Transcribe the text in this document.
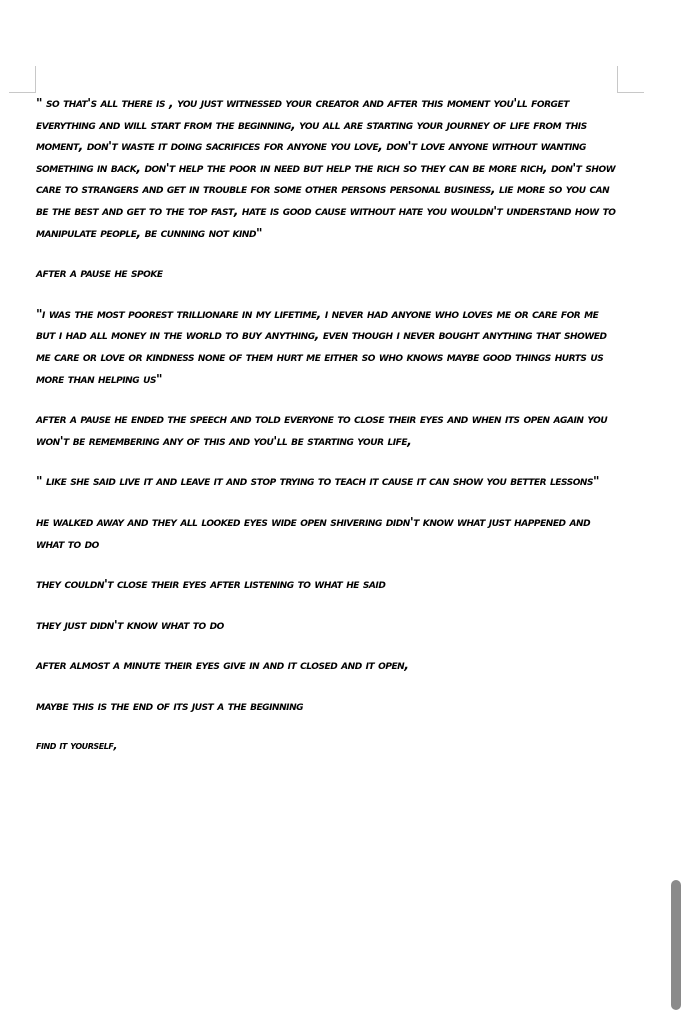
" so that's all there is , you just witnessed your creator and after this moment you'll forget everything and will start from the beginning, you all are starting your journey of life from this moment, don't waste it doing sacrifices for anyone you love, don't love anyone without wanting something in back, don't help the poor in need but help the rich so they can be more rich, don't show care to strangers and get in trouble for some other persons personal business, lie more so you can be the best and get to the top fast, hate is good cause without hate you wouldn't understand how to manipulate people, be cunning not kind"

after a pause he spoke

"i was the most poorest trillionare in my lifetime, i never had anyone who loves me or care for me but i had all money in the world to buy anything, even though i never bought anything that showed me care or love or kindness none of them hurt me either so who knows maybe good things hurts us more than helping us"

after a pause he ended the speech and told everyone to close their eyes and when its open again you won't be remembering any of this and you'll be starting your life,

" like she said live it and leave it and stop trying to teach it cause it can show you better lessons"

he walked away and they all looked eyes wide open shivering didn't know what just happened and what to do

they couldn't close their eyes after listening to what he said

they just didn't know what to do

after almost a minute their eyes give in and it closed and it open,

maybe this is the end of its just a the beginning

find it yourself,
